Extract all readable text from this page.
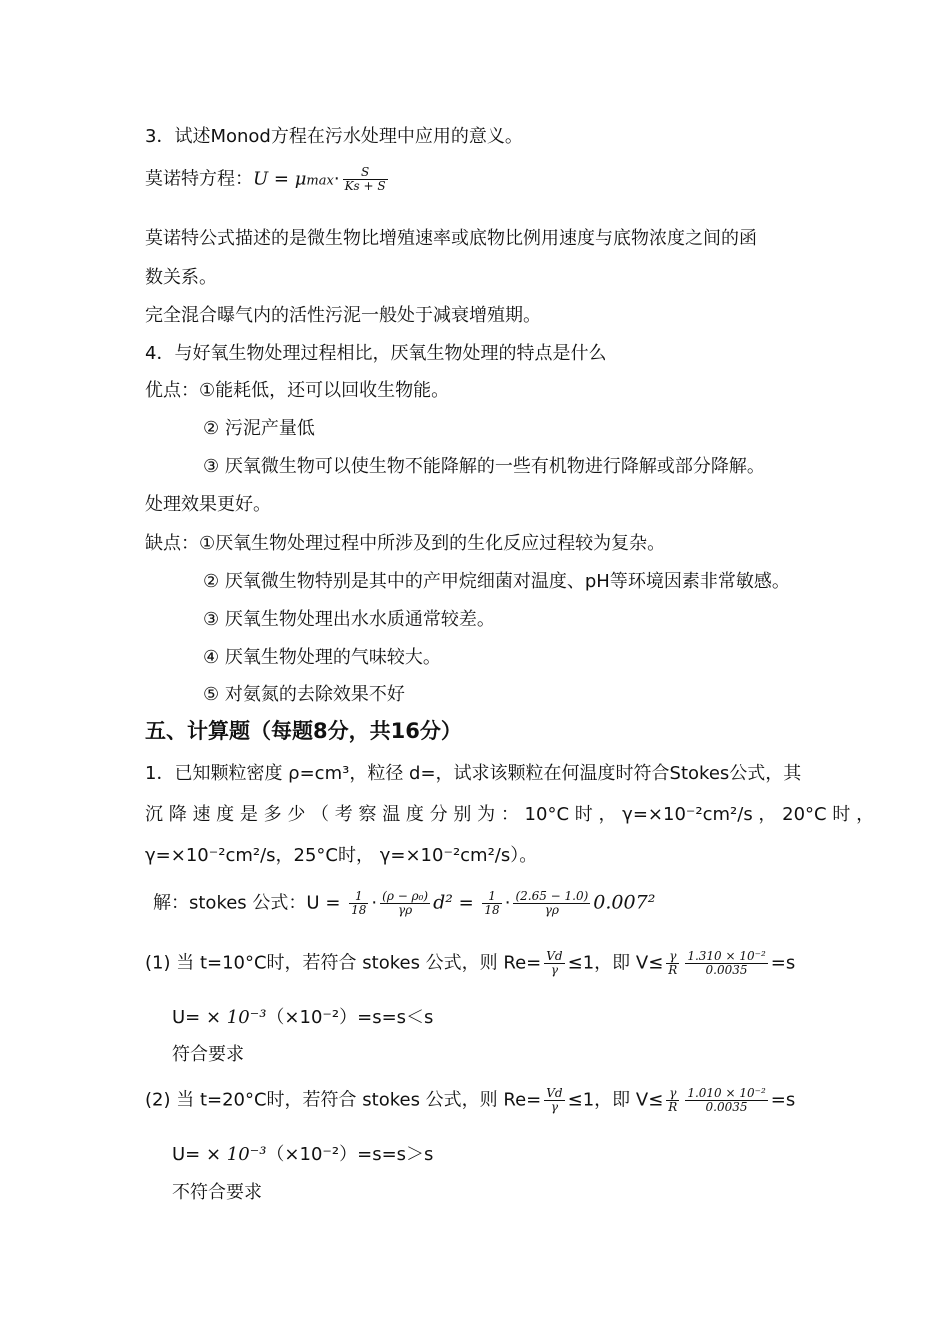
3．试述Monod方程在污水处理中应用的意义。
莫诺特方程：$U = \mu\max\cdot \frac{S}{Ks + S}$
莫诺特公式描述的是微生物比增殖速率或底物比例用速度与底物浓度之间的函
数关系。
完全混合曝气内的活性污泥一般处于减衰增殖期。
4．与好氧生物处理过程相比，厌氧生物处理的特点是什么
优点：①能耗低，还可以回收生物能。
② 污泥产量低
③ 厌氧微生物可以使生物不能降解的一些有机物进行降解或部分降解。
处理效果更好。
缺点：①厌氧生物处理过程中所涉及到的生化反应过程较为复杂。
② 厌氧微生物特别是其中的产甲烷细菌对温度、pH等环境因素非常敏感。
③ 厌氧生物处理出水水质通常较差。
④ 厌氧生物处理的气味较大。
⑤ 对氨氮的去除效果不好
五、计算题（每题8分，共16分）
1．已知颗粒密度 ρ=cm³，粒径 d=，试求该颗粒在何温度时符合Stokes公式，其
沉 降 速 度 是 多 少 （ 考 察 温 度 分 别 为 ： 10°C 时 ， γ=×10⁻²cm²/s ， 20°C 时 ，
γ=×10⁻²cm²/s，25°C时， γ=×10⁻²cm²/s）。
解：stokes 公式：$U = \frac{1}{18} \cdot \frac{\text{(ρ − ρ₀)}}{\gamma\rho} d^2 = \frac{1}{18} \cdot \frac{(2.65 - 1.0)}{\gamma\rho} 0.007^2$
(1) 当 t=10°C时，若符合 stokes 公式，则 $Re= \frac{Vd}{\gamma} \le 1$，即 $V\le \frac{\gamma}{R} \frac{\text{1.310 × 10⁻²}}{0.0035} =s$
U= × 10⁻³（×10⁻²）=s=s＜s
符合要求
(2) 当 t=20°C时，若符合 stokes 公式，则 $Re= \frac{Vd}{\gamma} \le 1$，即 $V\le \frac{\gamma}{R} \frac{\text{1.010 × 10⁻²}}{0.0035} =s$
U= × 10⁻³（×10⁻²）=s=s＞s
不符合要求
